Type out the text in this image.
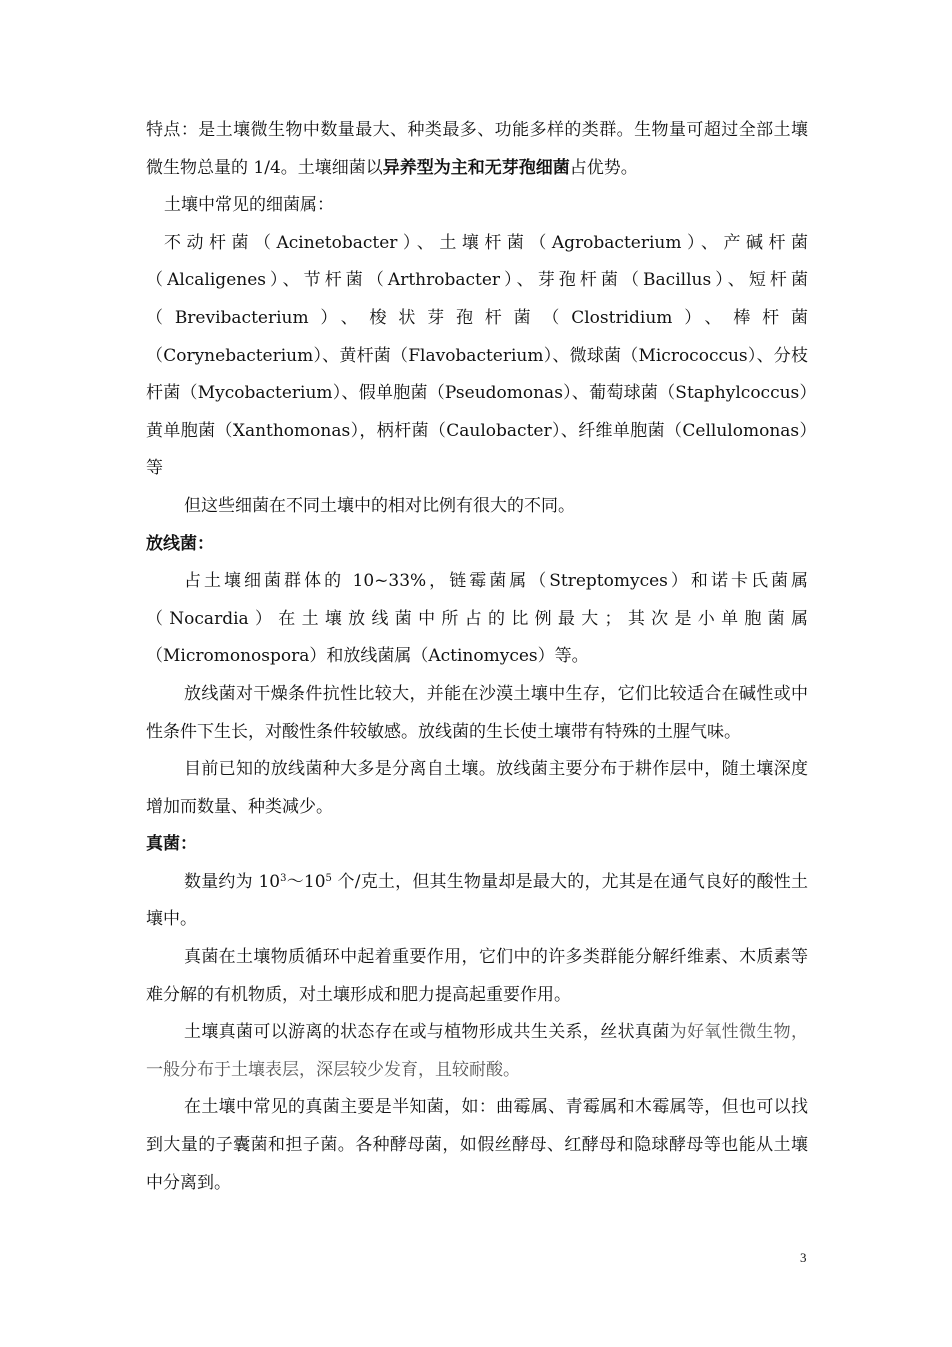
特点：是土壤微生物中数量最大、种类最多、功能多样的类群。生物量可超过全部土壤微生物总量的 1/4。土壤细菌以异养型为主和无芽孢细菌占优势。

土壤中常见的细菌属：

不动杆菌（Acinetobacter）、土壤杆菌（Agrobacterium）、产碱杆菌（Alcaligenes）、节杆菌（Arthrobacter）、芽孢杆菌（Bacillus）、短杆菌（Brevibacterium）、梭状芽孢杆菌（Clostridium）、棒杆菌（Corynebacterium）、黄杆菌（Flavobacterium）、微球菌（Micrococcus）、分枝杆菌（Mycobacterium）、假单胞菌（Pseudomonas）、葡萄球菌（Staphylcoccus）黄单胞菌（Xanthomonas），柄杆菌（Caulobacter）、纤维单胞菌（Cellulomonas）等

但这些细菌在不同土壤中的相对比例有很大的不同。

放线菌：

占土壤细菌群体的 10~33%，链霉菌属（Streptomyces）和诺卡氏菌属（Nocardia）在土壤放线菌中所占的比例最大；其次是小单胞菌属（Micromonospora）和放线菌属（Actinomyces）等。

放线菌对干燥条件抗性比较大，并能在沙漠土壤中生存，它们比较适合在碱性或中性条件下生长，对酸性条件较敏感。放线菌的生长使土壤带有特殊的土腥气味。

目前已知的放线菌种大多是分离自土壤。放线菌主要分布于耕作层中，随土壤深度增加而数量、种类减少。

真菌：

数量约为 $10^3\sim 10^5$ 个/克土，但其生物量却是最大的，尤其是在通气良好的酸性土壤中。

真菌在土壤物质循环中起着重要作用，它们中的许多类群能分解纤维素、木质素等难分解的有机物质，对土壤形成和肥力提高起重要作用。

土壤真菌可以游离的状态存在或与植物形成共生关系，丝状真菌为好氧性微生物，一般分布于土壤表层，深层较少发育，且较耐酸。

在土壤中常见的真菌主要是半知菌，如：曲霉属、青霉属和木霉属等，但也可以找到大量的子囊菌和担子菌。各种酵母菌，如假丝酵母、红酵母和隐球酵母等也能从土壤中分离到。

3
